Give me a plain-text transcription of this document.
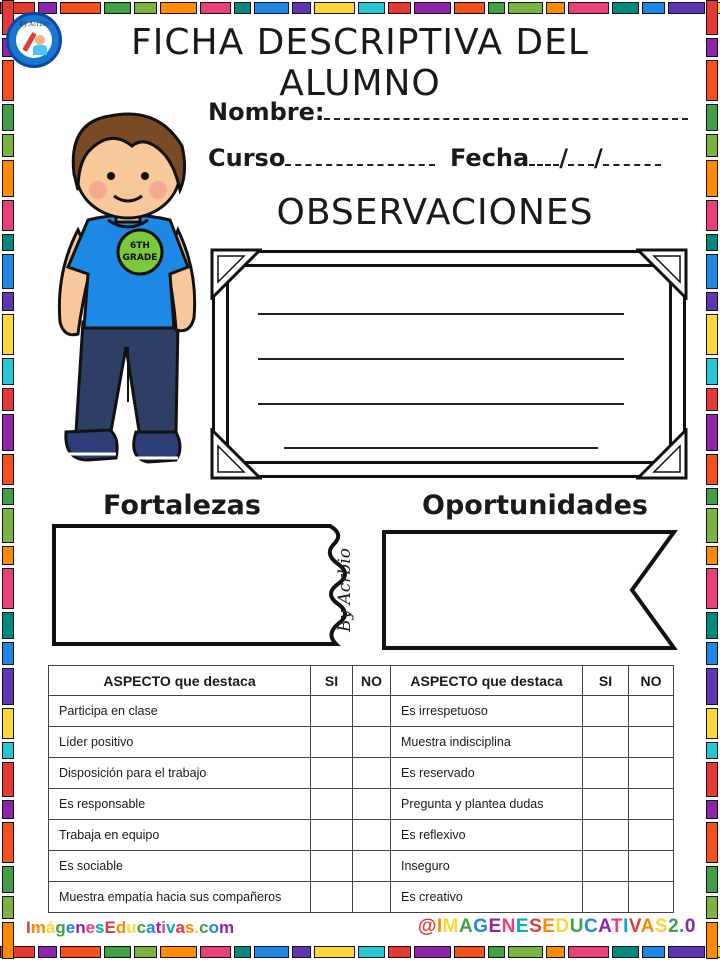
By Acrbio	FICHA DESCRIPTIVA DEL ALUMNO
Nombre:
Curso	Fecha / /
OBSERVACIONES
6TH
GRADE
Fortalezas	Oportunidades
By Acrbio
ASPECTO que destaca	SI	NO	ASPECTO que destaca	SI	NO
Participa en clase			Es irrespetuoso		
Líder positivo			Muestra indisciplina		
Disposición para el trabajo			Es reservado		
Es responsable			Pregunta y plantea dudas		
Trabaja en equipo			Es reflexivo		
Es sociable			Inseguro		
Muestra empatía hacia sus compañeros			Es creativo		
ImágenesEducativas.com	@IMAGENESEDUCATIVAS2.0
